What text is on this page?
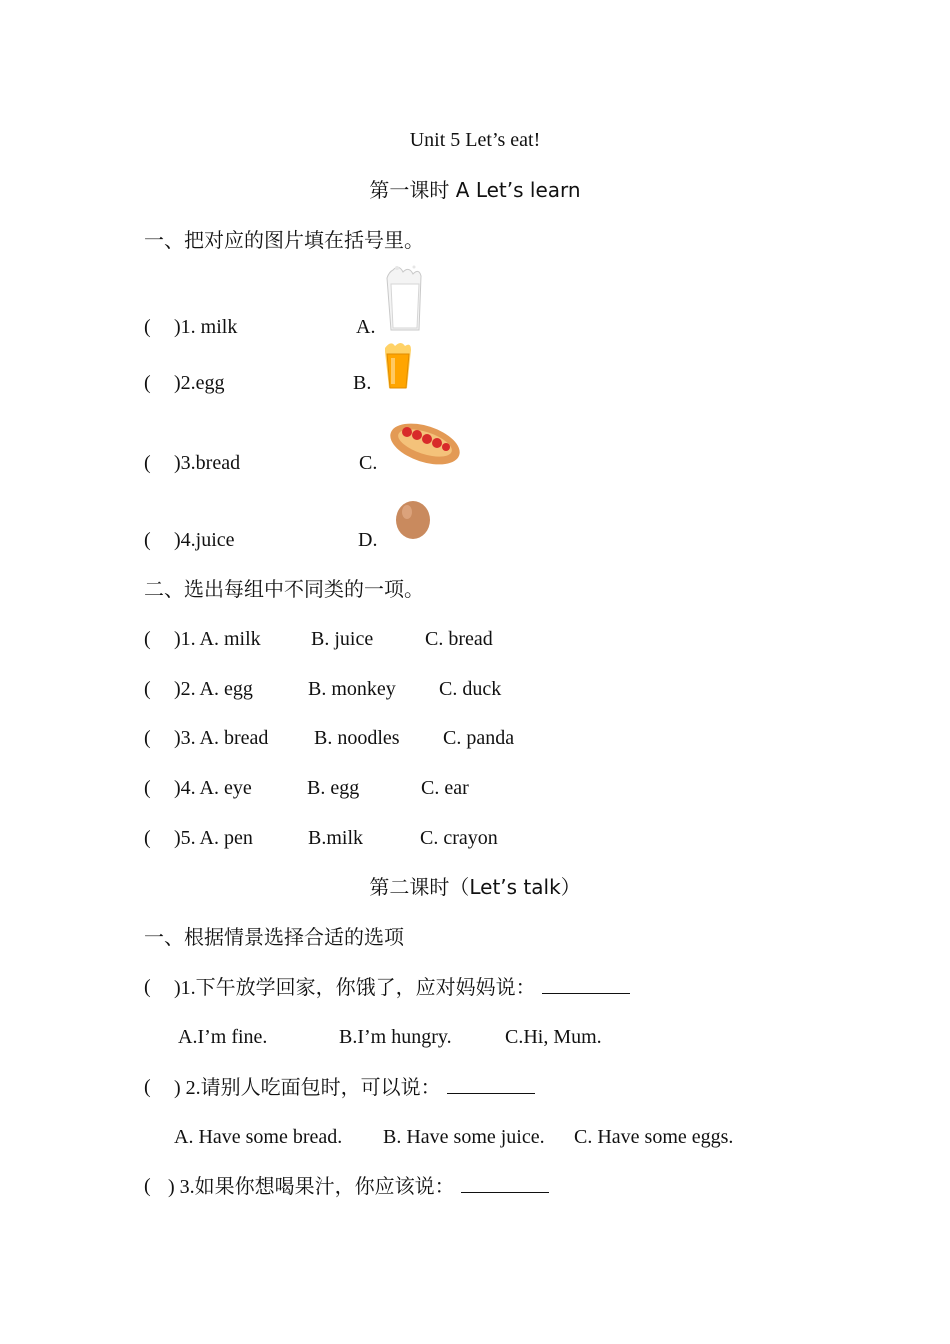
Unit 5 Let’s eat!
第一课时 A Let’s learn
一、把对应的图片填在括号里。
( )1. milk	A.
( )2.egg	B.
( )3.bread	C.
( )4.juice	D.
二、选出每组中不同类的一项。
( )1. A. milk	B. juice	C. bread
( )2. A. egg	B. monkey C. duck
( )3. A. bread B. noodles C. panda
( )4. A. eye	B. egg	C. ear
( )5. A. pen	B.milk	C. crayon
第二课时（Let’s talk）
一、根据情景选择合适的选项
( )1.下午放学回家，你饿了，应对妈妈说：
A.I’m fine.	B.I’m hungry.	C.Hi, Mum.
( ) 2.请别人吃面包时，可以说：
A. Have some bread. B. Have some juice. C. Have some eggs.
( ) 3.如果你想喝果汁，你应该说：
